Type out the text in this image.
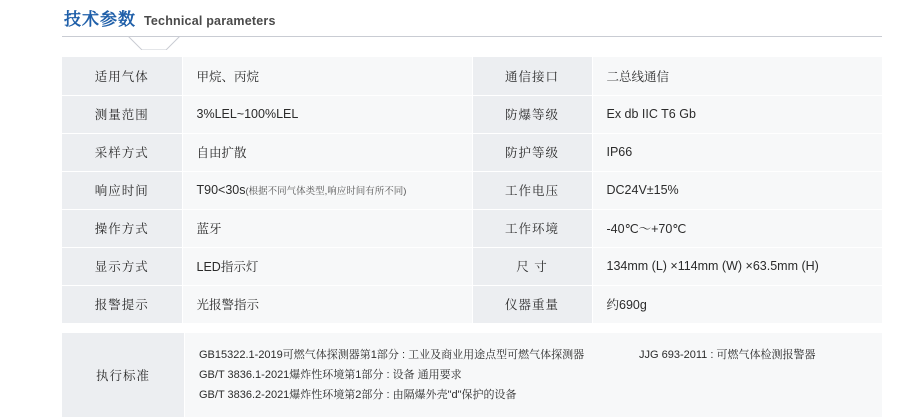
技术参数 Technical parameters
适用气体	甲烷、丙烷	通信接口	二总线通信
测量范围	3%LEL~100%LEL	防爆等级	Ex db IIC T6 Gb
采样方式	自由扩散	防护等级	IP66
响应时间	T90<30s(根据不同气体类型,响应时间有所不同)	工作电压	DC24V±15%
操作方式	蓝牙	工作环境	-40℃～+70℃
显示方式	LED指示灯	尺 寸	134mm (L) ×114mm (W) ×63.5mm (H)
报警提示	光报警指示	仪器重量	约690g
执行标准	
GB15322.1-2019可燃气体探测器第1部分 : 工业及商业用途点型可燃气体探测器	JJG 693-2011 : 可燃气体检测报警器
GB/T 3836.1-2021爆炸性环境第1部分 : 设备 通用要求
GB/T 3836.2-2021爆炸性环境第2部分 : 由隔爆外壳"d"保护的设备
